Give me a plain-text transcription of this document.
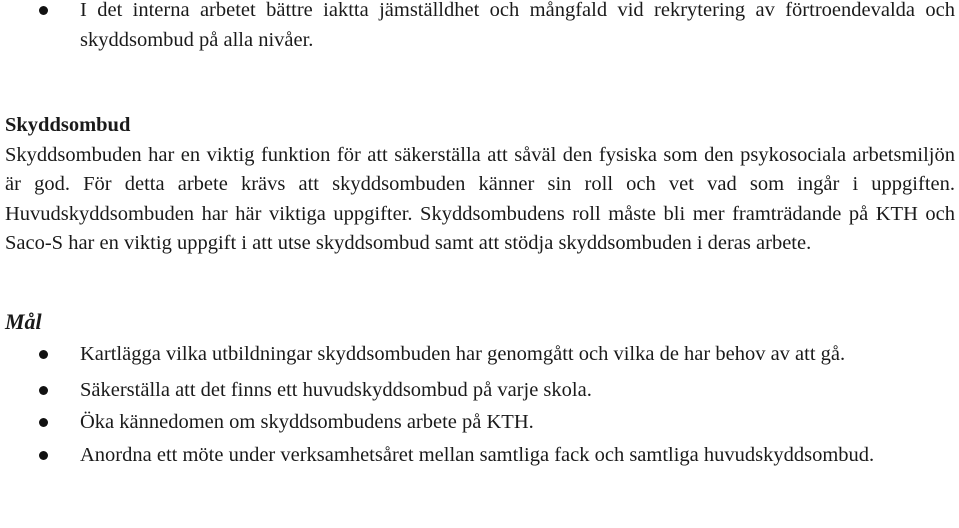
I det interna arbetet bättre iaktta jämställdhet och mångfald vid rekrytering av förtroendevalda och skyddsombud på alla nivåer.

Skyddsombud

Skyddsombuden har en viktig funktion för att säkerställa att såväl den fysiska som den psykosociala arbetsmiljön är god. För detta arbete krävs att skyddsombuden känner sin roll och vet vad som ingår i uppgiften. Huvudskyddsombuden har här viktiga uppgifter. Skyddsombudens roll måste bli mer framträdande på KTH och Saco-S har en viktig uppgift i att utse skyddsombud samt att stödja skyddsombuden i deras arbete.

Mål

Kartlägga vilka utbildningar skyddsombuden har genomgått och vilka de har behov av att gå.
Säkerställa att det finns ett huvudskyddsombud på varje skola.
Öka kännedomen om skyddsombudens arbete på KTH.
Anordna ett möte under verksamhetsåret mellan samtliga fack och samtliga huvudskyddsombud.
